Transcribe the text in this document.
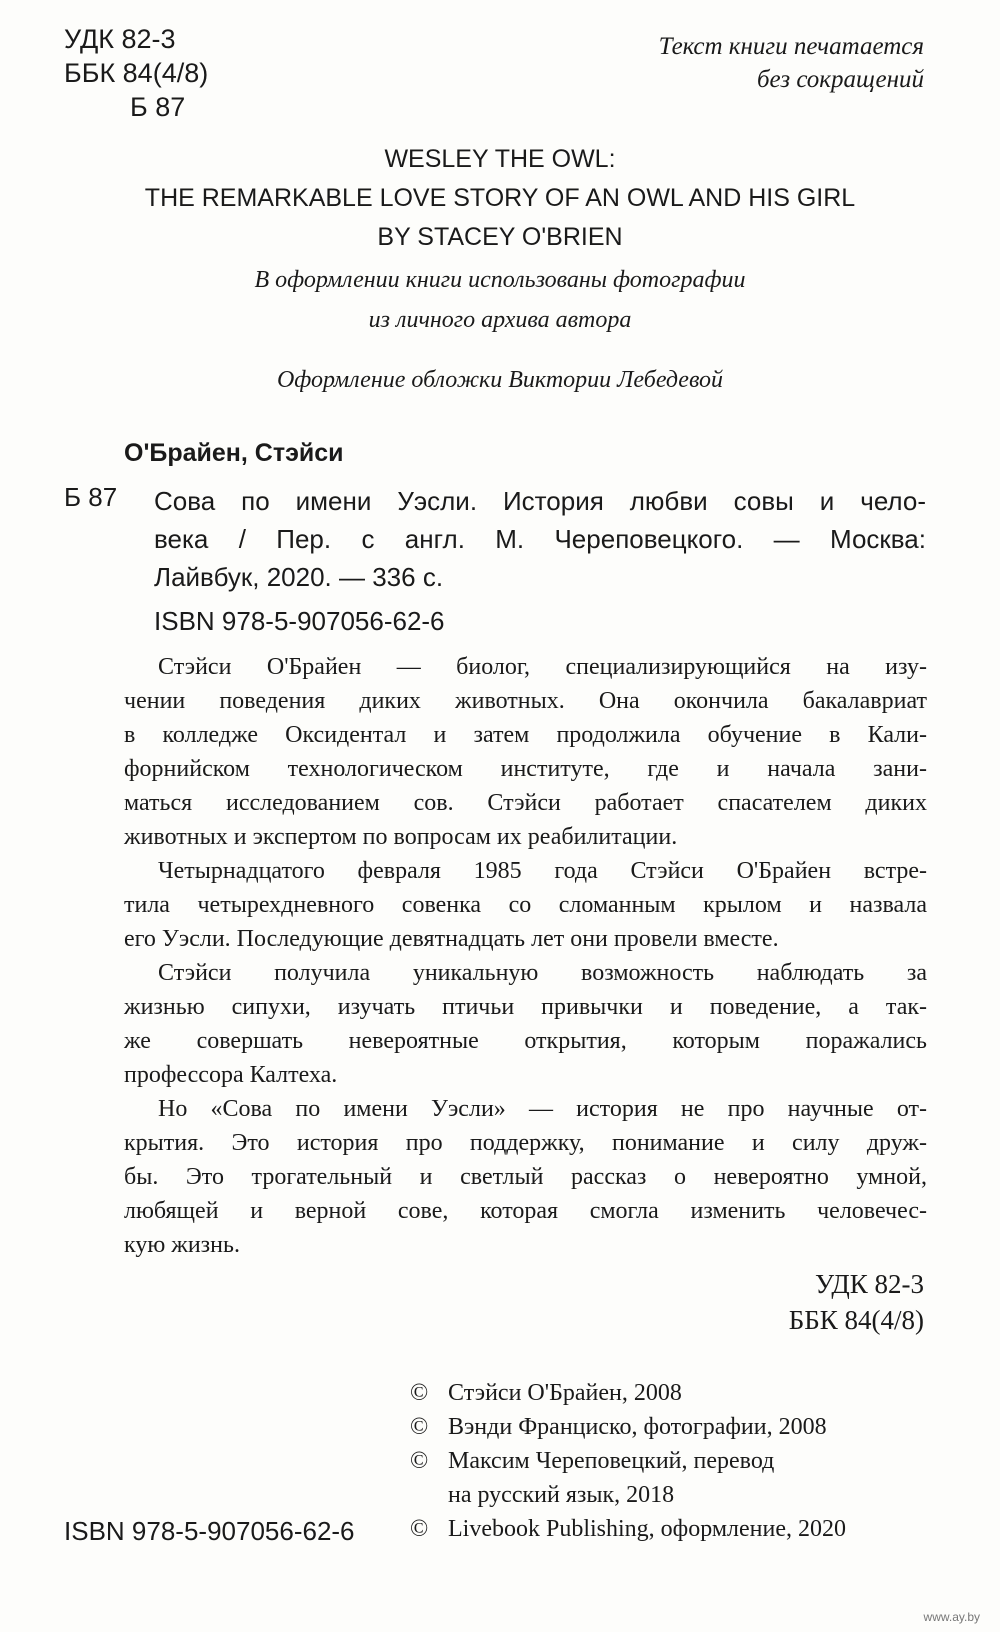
УДК 82-3
ББК 84(4/8)
Б 87
Текст книги печатается
без сокращений
WESLEY THE OWL:
THE REMARKABLE LOVE STORY OF AN OWL AND HIS GIRL
BY STACEY O'BRIEN
В оформлении книги использованы фотографии
из личного архива автора
Оформление обложки Виктории Лебедевой
О'Брайен, Стэйси
Б 87 Сова по имени Уэсли. История любви совы и чело-
века / Пер. с англ. М. Череповецкого. — Москва:
Лайвбук, 2020. — 336 с.
ISBN 978-5-907056-62-6
Стэйси О'Брайен — биолог, специализирующийся на изу-
чении поведения диких животных. Она окончила бакалавриат
в колледже Оксидентал и затем продолжила обучение в Кали-
форнийском технологическом институте, где и начала зани-
маться исследованием сов. Стэйси работает спасателем диких
животных и экспертом по вопросам их реабилитации.
Четырнадцатого февраля 1985 года Стэйси О'Брайен встре-
тила четырехдневного совенка со сломанным крылом и назвала
его Уэсли. Последующие девятнадцать лет они провели вместе.
Стэйси получила уникальную возможность наблюдать за
жизнью сипухи, изучать птичьи привычки и поведение, а так-
же совершать невероятные открытия, которым поражались
профессора Калтеха.
Но «Сова по имени Уэсли» — история не про научные от-
крытия. Это история про поддержку, понимание и силу друж-
бы. Это трогательный и светлый рассказ о невероятно умной,
любящей и верной сове, которая смогла изменить человечес-
кую жизнь.
УДК 82-3
ББК 84(4/8)
© Стэйси О'Брайен, 2008
© Вэнди Франциско, фотографии, 2008
© Максим Череповецкий, перевод
на русский язык, 2018
© Livebook Publishing, оформление, 2020
ISBN 978-5-907056-62-6
www.ay.by
